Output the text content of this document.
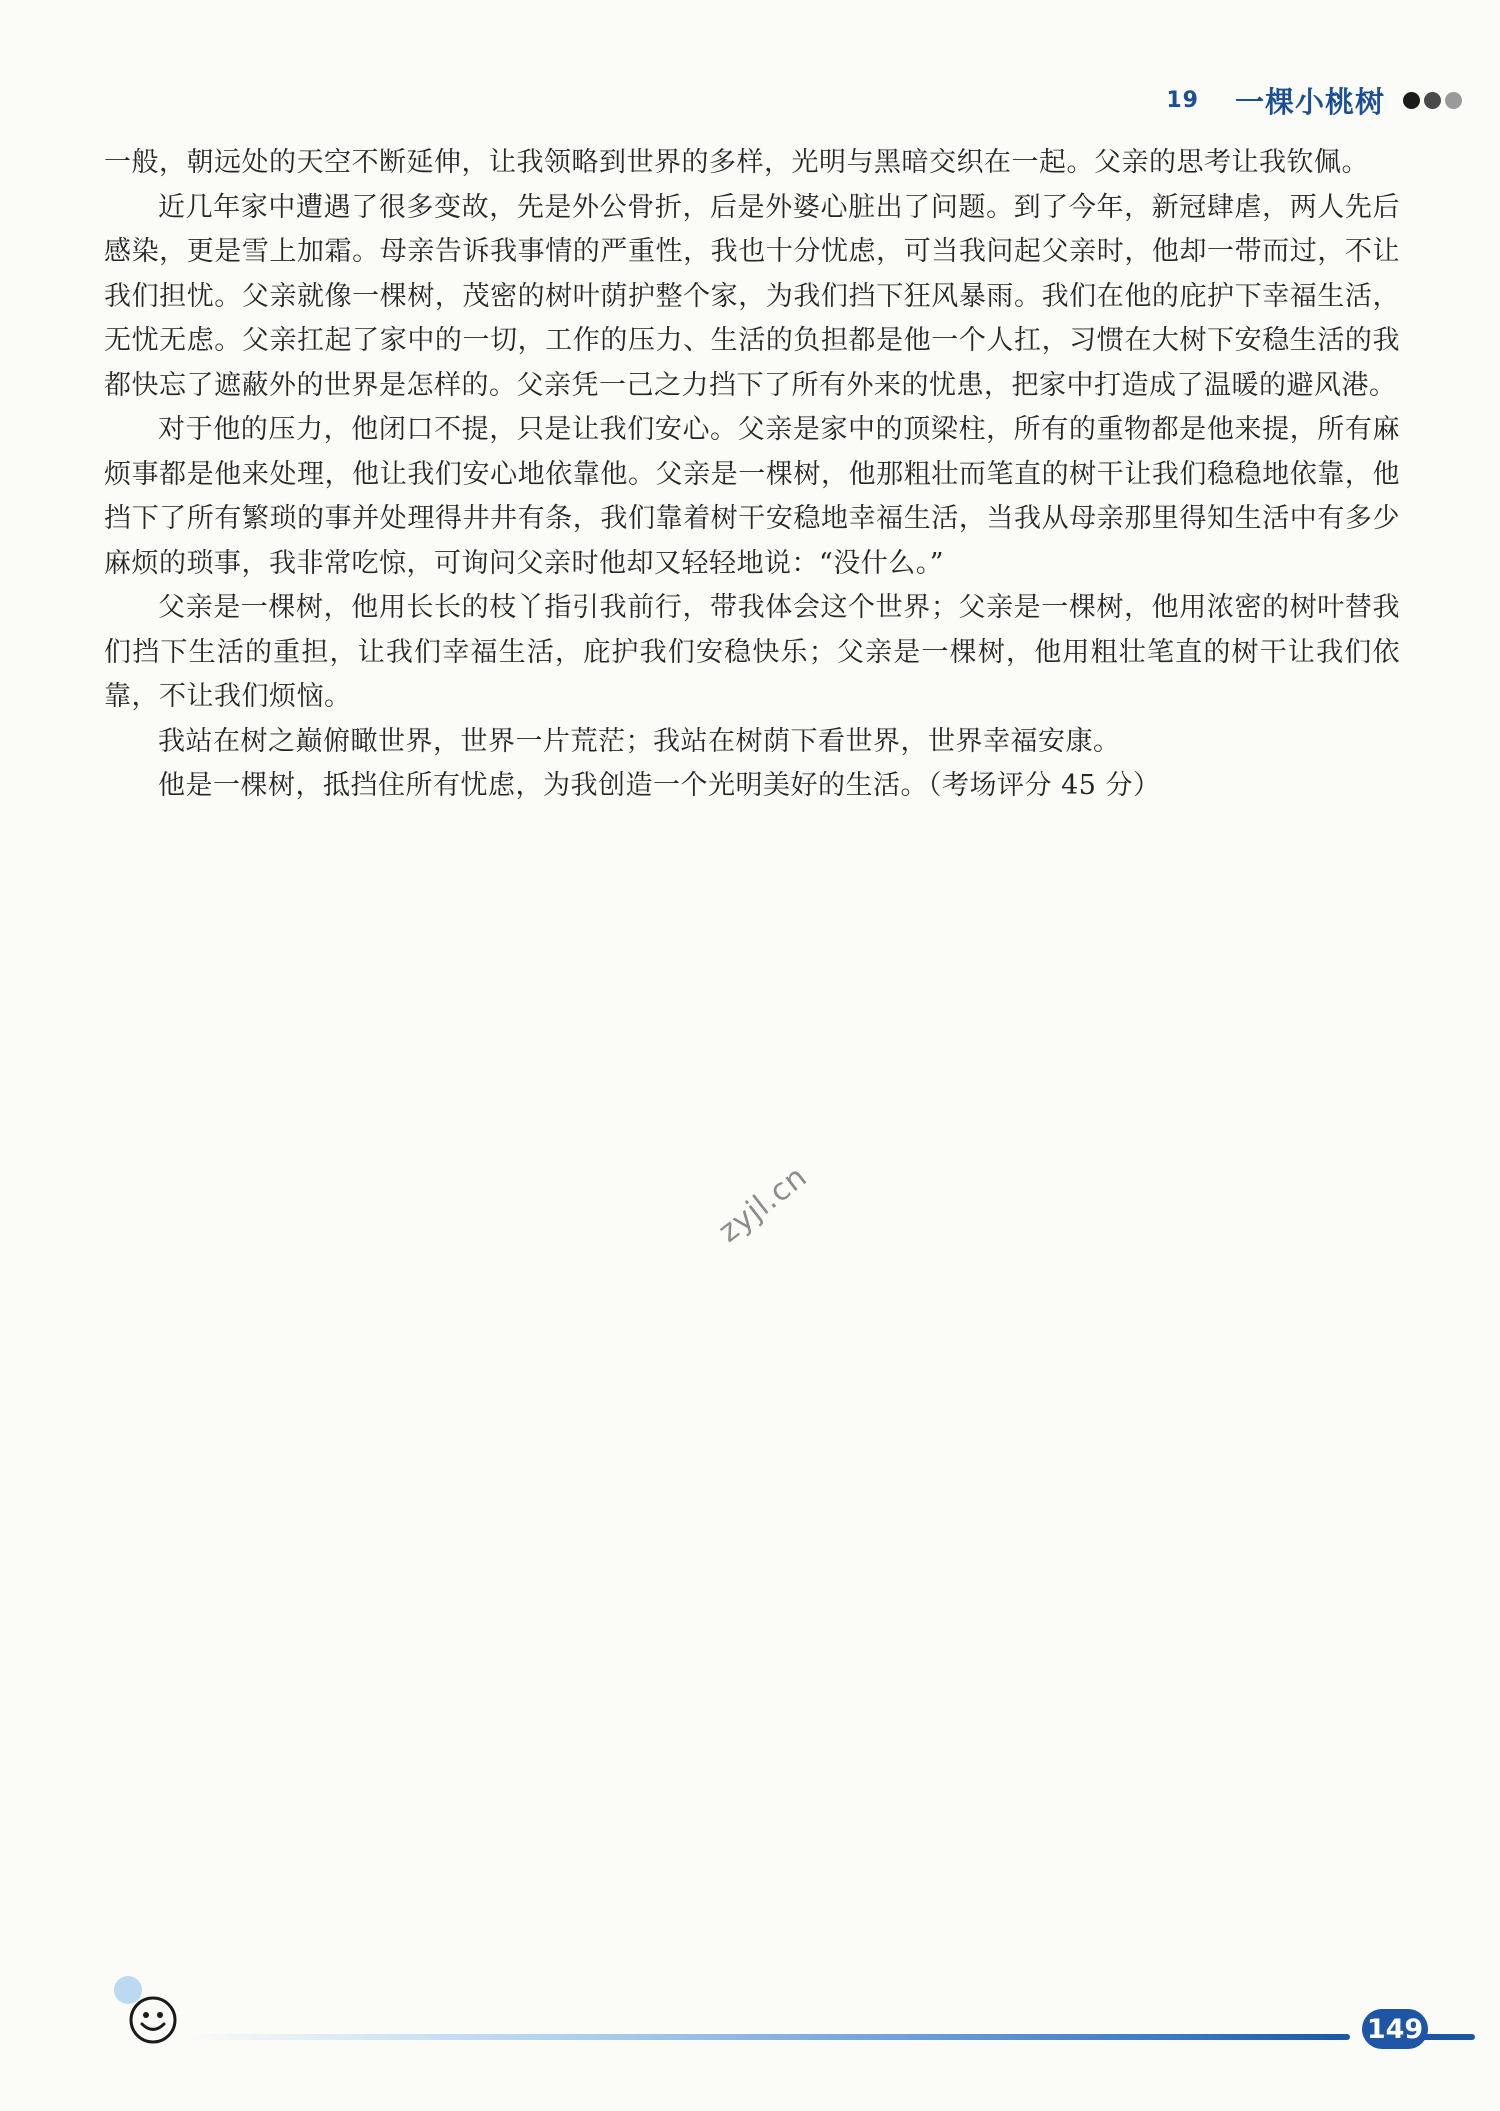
19 一棵小桃树

一般，朝远处的天空不断延伸，让我领略到世界的多样，光明与黑暗交织在一起。父亲的思考让我钦佩。

近几年家中遭遇了很多变故，先是外公骨折，后是外婆心脏出了问题。到了今年，新冠肆虐，两人先后感染，更是雪上加霜。母亲告诉我事情的严重性，我也十分忧虑，可当我问起父亲时，他却一带而过，不让我们担忧。父亲就像一棵树，茂密的树叶荫护整个家，为我们挡下狂风暴雨。我们在他的庇护下幸福生活，无忧无虑。父亲扛起了家中的一切，工作的压力、生活的负担都是他一个人扛，习惯在大树下安稳生活的我都快忘了遮蔽外的世界是怎样的。父亲凭一己之力挡下了所有外来的忧患，把家中打造成了温暖的避风港。

对于他的压力，他闭口不提，只是让我们安心。父亲是家中的顶梁柱，所有的重物都是他来提，所有麻烦事都是他来处理，他让我们安心地依靠他。父亲是一棵树，他那粗壮而笔直的树干让我们稳稳地依靠，他挡下了所有繁琐的事并处理得井井有条，我们靠着树干安稳地幸福生活，当我从母亲那里得知生活中有多少麻烦的琐事，我非常吃惊，可询问父亲时他却又轻轻地说：“没什么。”

父亲是一棵树，他用长长的枝丫指引我前行，带我体会这个世界；父亲是一棵树，他用浓密的树叶替我们挡下生活的重担，让我们幸福生活，庇护我们安稳快乐；父亲是一棵树，他用粗壮笔直的树干让我们依靠，不让我们烦恼。

我站在树之巅俯瞰世界，世界一片荒茫；我站在树荫下看世界，世界幸福安康。

他是一棵树，抵挡住所有忧虑，为我创造一个光明美好的生活。（考场评分 45 分）

zyjl.cn
149
